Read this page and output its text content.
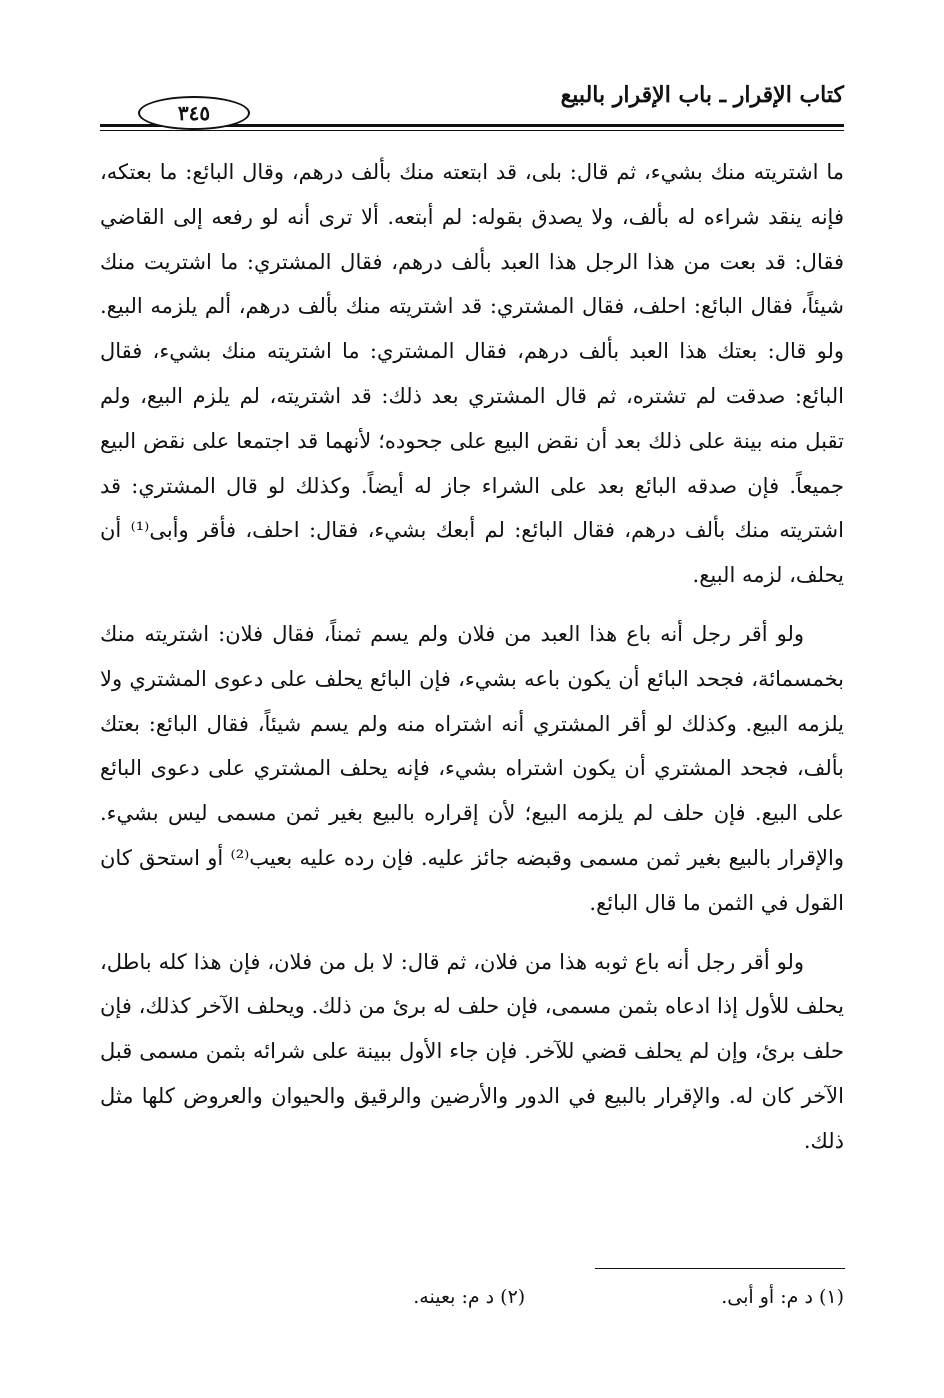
كتاب الإقرار ـ باب الإقرار بالبيع
٣٤٥

ما اشتريته منك بشيء، ثم قال: بلى، قد ابتعته منك بألف درهم، وقال البائع: ما بعتكه، فإنه ينقد شراءه له بألف، ولا يصدق بقوله: لم أبتعه. ألا ترى أنه لو رفعه إلى القاضي فقال: قد بعت من هذا الرجل هذا العبد بألف درهم، فقال المشتري: ما اشتريت منك شيئاً، فقال البائع: احلف، فقال المشتري: قد اشتريته منك بألف درهم، ألم يلزمه البيع. ولو قال: بعتك هذا العبد بألف درهم، فقال المشتري: ما اشتريته منك بشيء، فقال البائع: صدقت لم تشتره، ثم قال المشتري بعد ذلك: قد اشتريته، لم يلزم البيع، ولم تقبل منه بينة على ذلك بعد أن نقض البيع على جحوده؛ لأنهما قد اجتمعا على نقض البيع جميعاً. فإن صدقه البائع بعد على الشراء جاز له أيضاً. وكذلك لو قال المشتري: قد اشتريته منك بألف درهم، فقال البائع: لم أبعك بشيء، فقال: احلف، فأقر وأبى⁽¹⁾ أن يحلف، لزمه البيع.

ولو أقر رجل أنه باع هذا العبد من فلان ولم يسم ثمناً، فقال فلان: اشتريته منك بخمسمائة، فجحد البائع أن يكون باعه بشيء، فإن البائع يحلف على دعوى المشتري ولا يلزمه البيع. وكذلك لو أقر المشتري أنه اشتراه منه ولم يسم شيئاً، فقال البائع: بعتك بألف، فجحد المشتري أن يكون اشتراه بشيء، فإنه يحلف المشتري على دعوى البائع على البيع. فإن حلف لم يلزمه البيع؛ لأن إقراره بالبيع بغير ثمن مسمى ليس بشيء. والإقرار بالبيع بغير ثمن مسمى وقبضه جائز عليه. فإن رده عليه بعيب⁽²⁾ أو استحق كان القول في الثمن ما قال البائع.

ولو أقر رجل أنه باع ثوبه هذا من فلان، ثم قال: لا بل من فلان، فإن هذا كله باطل، يحلف للأول إذا ادعاه بثمن مسمى، فإن حلف له برئ من ذلك. ويحلف الآخر كذلك، فإن حلف برئ، وإن لم يحلف قضي للآخر. فإن جاء الأول ببينة على شرائه بثمن مسمى قبل الآخر كان له. والإقرار بالبيع في الدور والأرضين والرقيق والحيوان والعروض كلها مثل ذلك.

(١) د م: أو أبى. (٢) د م: بعينه.
